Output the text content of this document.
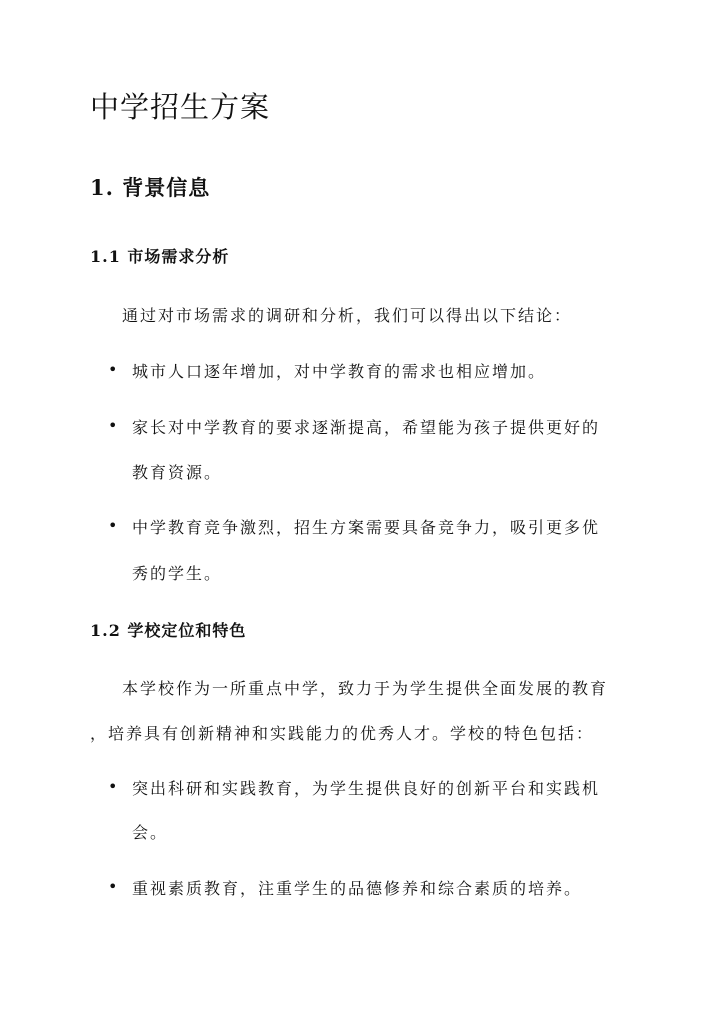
中学招生方案
1. 背景信息
1.1 市场需求分析

通过对市场需求的调研和分析，我们可以得出以下结论：

• 城市人口逐年增加，对中学教育的需求也相应增加。
• 家长对中学教育的要求逐渐提高，希望能为孩子提供更好的
教育资源。
• 中学教育竞争激烈，招生方案需要具备竞争力，吸引更多优
秀的学生。
1.2 学校定位和特色

本学校作为一所重点中学，致力于为学生提供全面发展的教育

，培养具有创新精神和实践能力的优秀人才。学校的特色包括：

• 突出科研和实践教育，为学生提供良好的创新平台和实践机
会。
• 重视素质教育，注重学生的品德修养和综合素质的培养。
